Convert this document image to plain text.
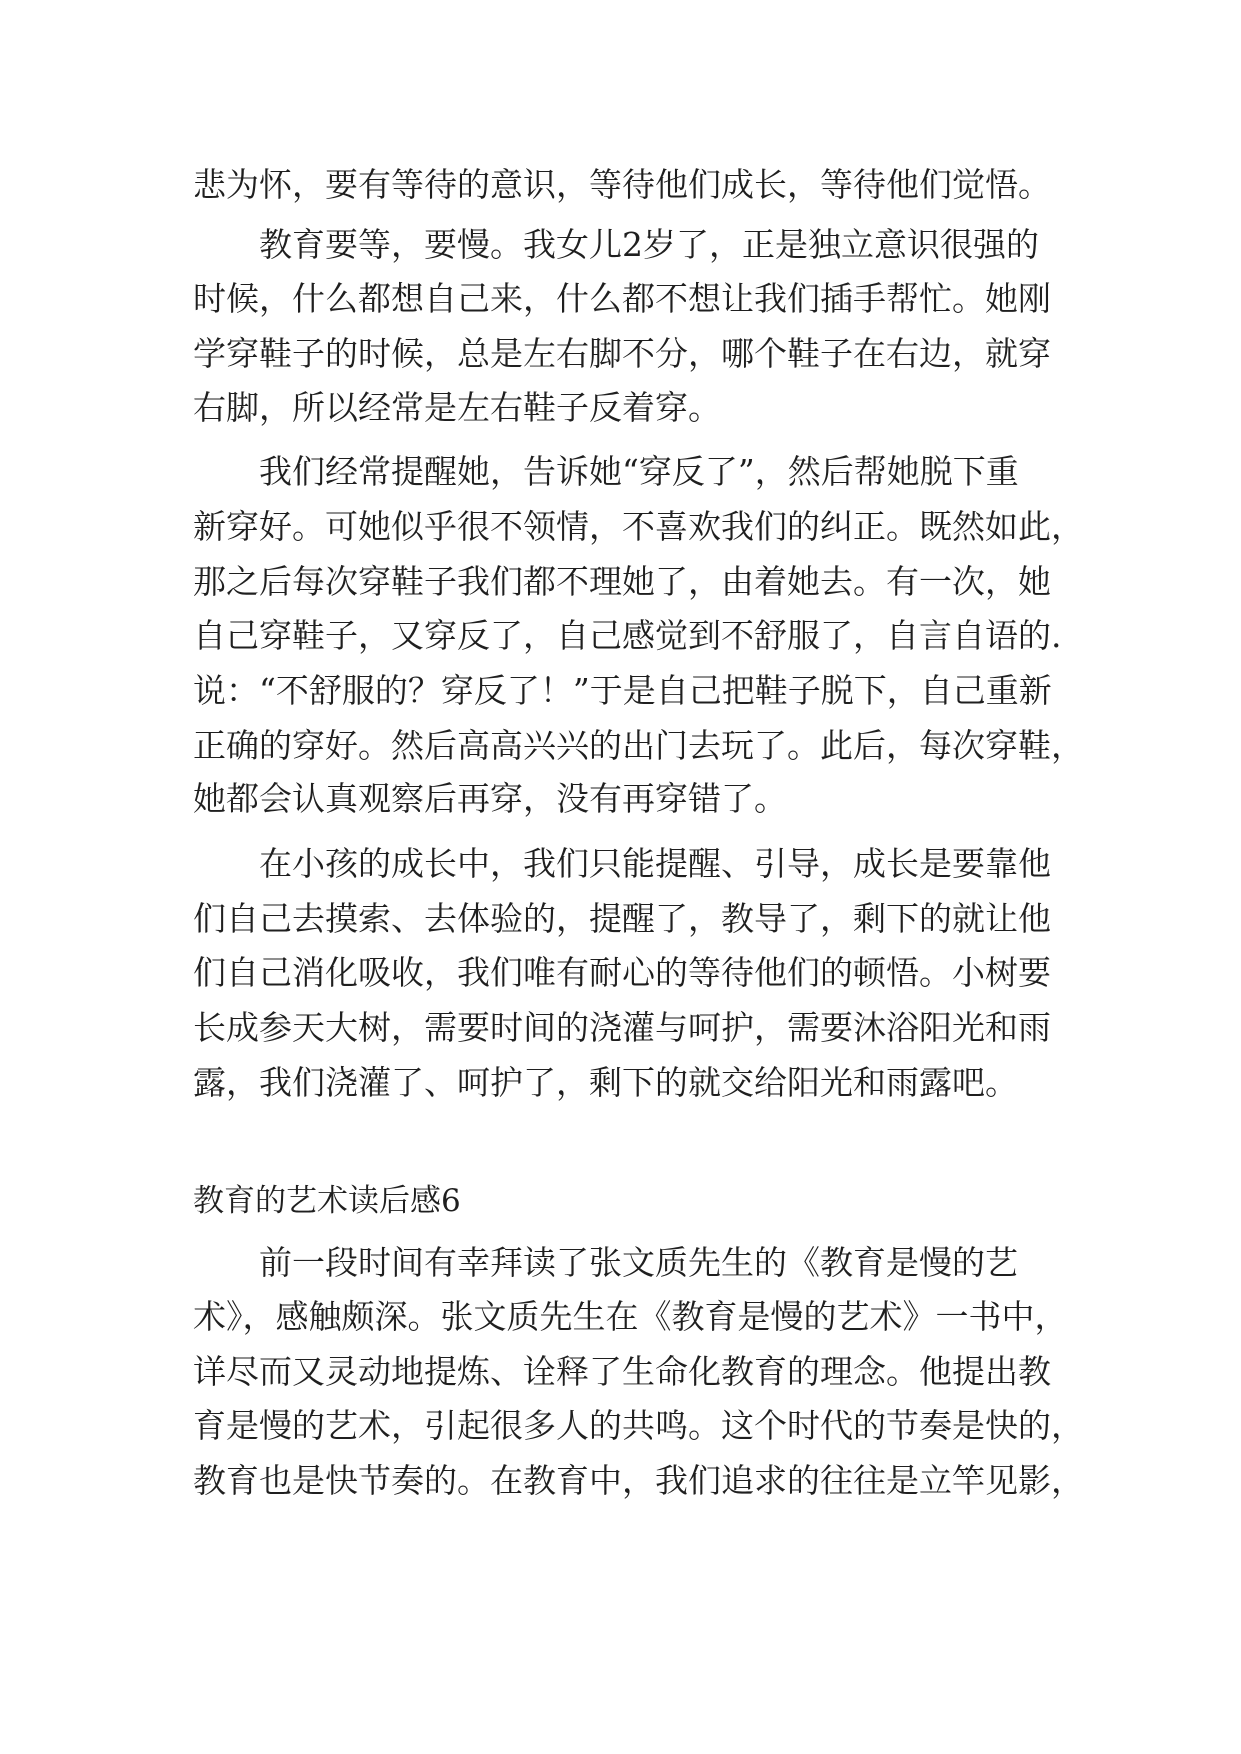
悲为怀，要有等待的意识，等待他们成长，等待他们觉悟。
教育要等，要慢。我女儿2岁了，正是独立意识很强的
时候，什么都想自己来，什么都不想让我们插手帮忙。她刚
学穿鞋子的时候，总是左右脚不分，哪个鞋子在右边，就穿
右脚，所以经常是左右鞋子反着穿。
我们经常提醒她，告诉她“穿反了”，然后帮她脱下重
新穿好。可她似乎很不领情，不喜欢我们的纠正。既然如此，
那之后每次穿鞋子我们都不理她了，由着她去。有一次，她
自己穿鞋子，又穿反了，自己感觉到不舒服了，自言自语的.
说：“不舒服的？穿反了！”于是自己把鞋子脱下，自己重新
正确的穿好。然后高高兴兴的出门去玩了。此后，每次穿鞋，
她都会认真观察后再穿，没有再穿错了。
在小孩的成长中，我们只能提醒、引导，成长是要靠他
们自己去摸索、去体验的，提醒了，教导了，剩下的就让他
们自己消化吸收，我们唯有耐心的等待他们的顿悟。小树要
长成参天大树，需要时间的浇灌与呵护，需要沐浴阳光和雨
露，我们浇灌了、呵护了，剩下的就交给阳光和雨露吧。
教育的艺术读后感6
前一段时间有幸拜读了张文质先生的《教育是慢的艺
术》，感触颇深。张文质先生在《教育是慢的艺术》一书中，
详尽而又灵动地提炼、诠释了生命化教育的理念。他提出教
育是慢的艺术，引起很多人的共鸣。这个时代的节奏是快的，
教育也是快节奏的。在教育中，我们追求的往往是立竿见影，
